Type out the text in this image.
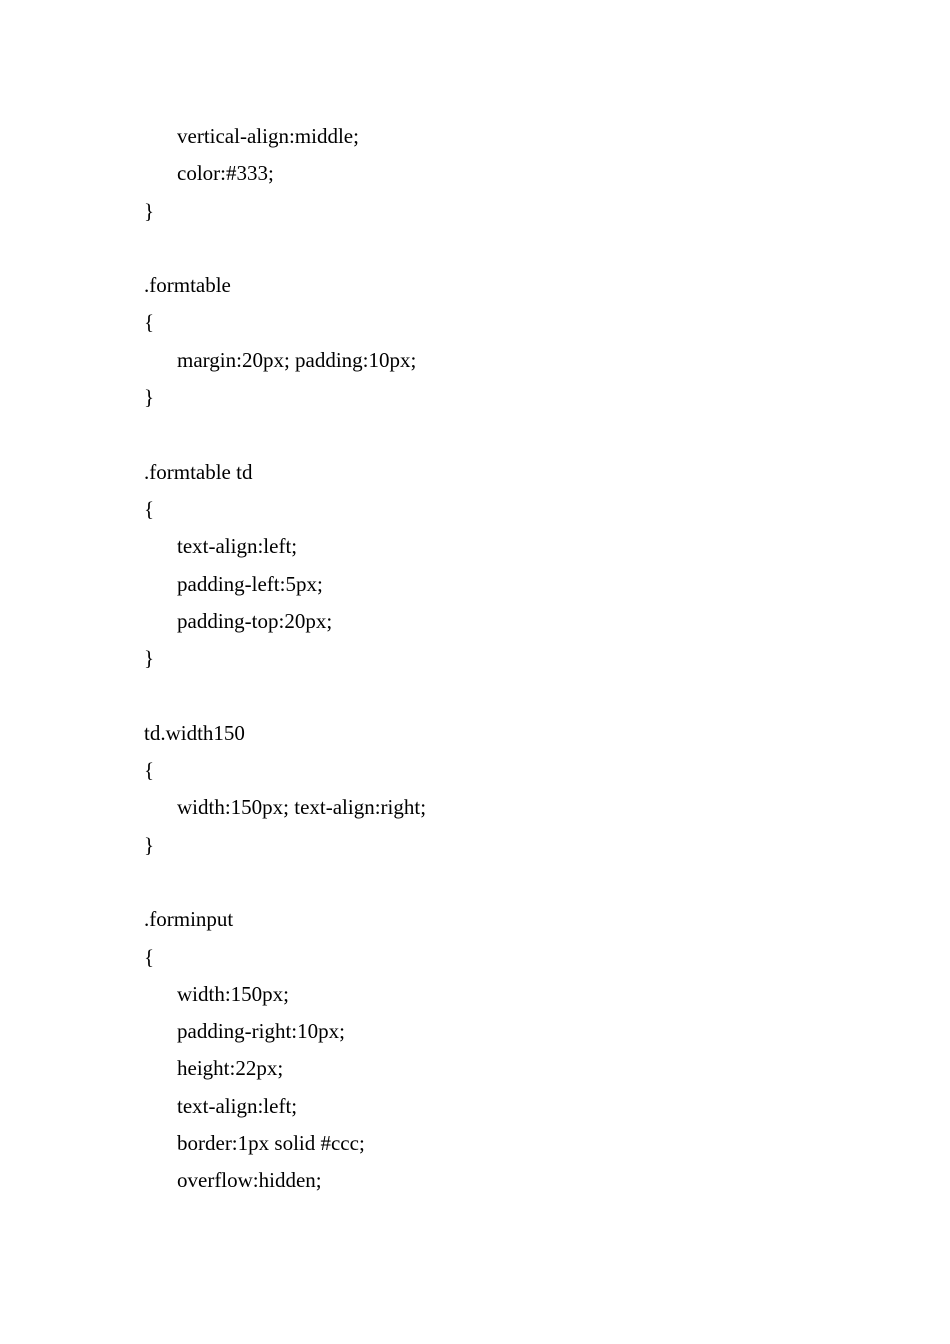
vertical-align:middle;
color:#333;
}
.formtable
{
margin:20px; padding:10px;
}
.formtable td
{
text-align:left;
padding-left:5px;
padding-top:20px;
}
td.width150
{
width:150px; text-align:right;
}
.forminput
{
width:150px;
padding-right:10px;
height:22px;
text-align:left;
border:1px solid #ccc;
overflow:hidden;
